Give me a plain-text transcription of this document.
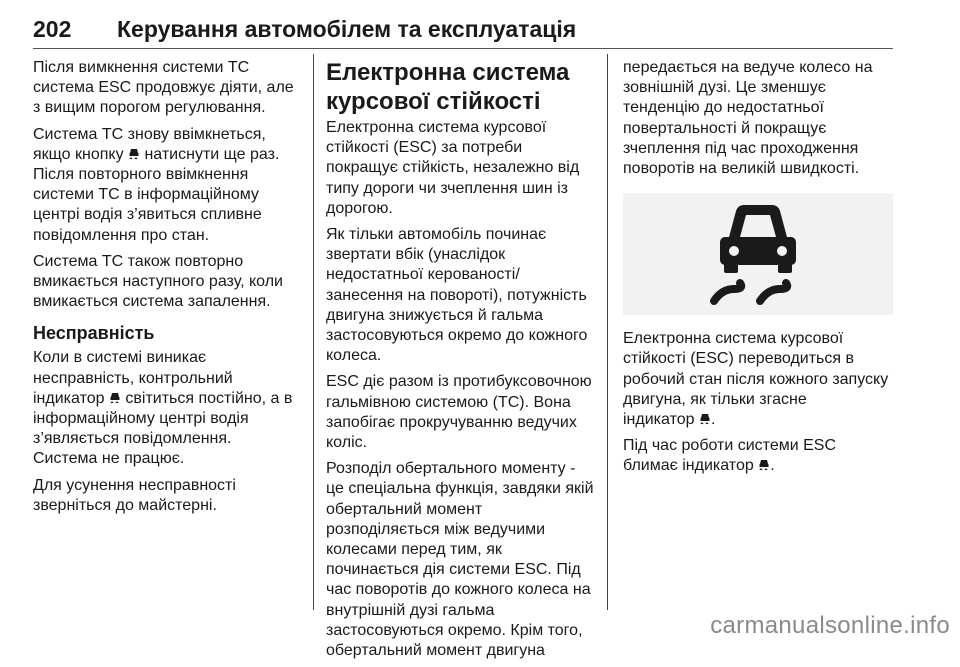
202 Керування автомобілем та експлуатація

Після вимкнення системи ТС
система ESC продовжує діяти, але
з вищим порогом регулювання.

Система ТС знову ввімкнеться,
якщо кнопку  натиснути ще раз.
Після повторного ввімкнення
системи ТС в інформаційному
центрі водія з’явиться спливне
повідомлення про стан.

Система ТС також повторно
вмикається наступного разу, коли
вмикається система запалення.

Несправність

Коли в системі виникає
несправність, контрольний
індикатор  світиться постійно, а в
інформаційному центрі водія
з’являється повідомлення.
Система не працює.

Для усунення несправності
зверніться до майстерні.

Електронна система
курсової стійкості

Електронна система курсової
стійкості (ESC) за потреби
покращує стійкість, незалежно від
типу дороги чи зчеплення шин із
дорогою.

Як тільки автомобіль починає
звертати вбік (унаслідок
недостатньої керованості/
занесення на повороті), потужність
двигуна знижується й гальма
застосовуються окремо до кожного
колеса.

ESC діє разом із протибуксовочною
гальмівною системою (ТС). Вона
запобігає прокручуванню ведучих
коліс.

Розподіл обертального моменту -
це спеціальна функція, завдяки якій
обертальний момент
розподіляється між ведучими
колесами перед тим, як
починається дія системи ESC. Під
час поворотів до кожного колеса на
внутрішній дузі гальма
застосовуються окремо. Крім того,
обертальний момент двигуна

передається на ведуче колесо на
зовнішній дузі. Це зменшує
тенденцію до недостатньої
повертальності й покращує
зчеплення під час проходження
поворотів на великій швидкості.

Електронна система курсової
стійкості (ESC) переводиться в
робочий стан після кожного запуску
двигуна, як тільки згасне
індикатор .

Під час роботи системи ESC
блимає індикатор .

carmanualsonline.info
